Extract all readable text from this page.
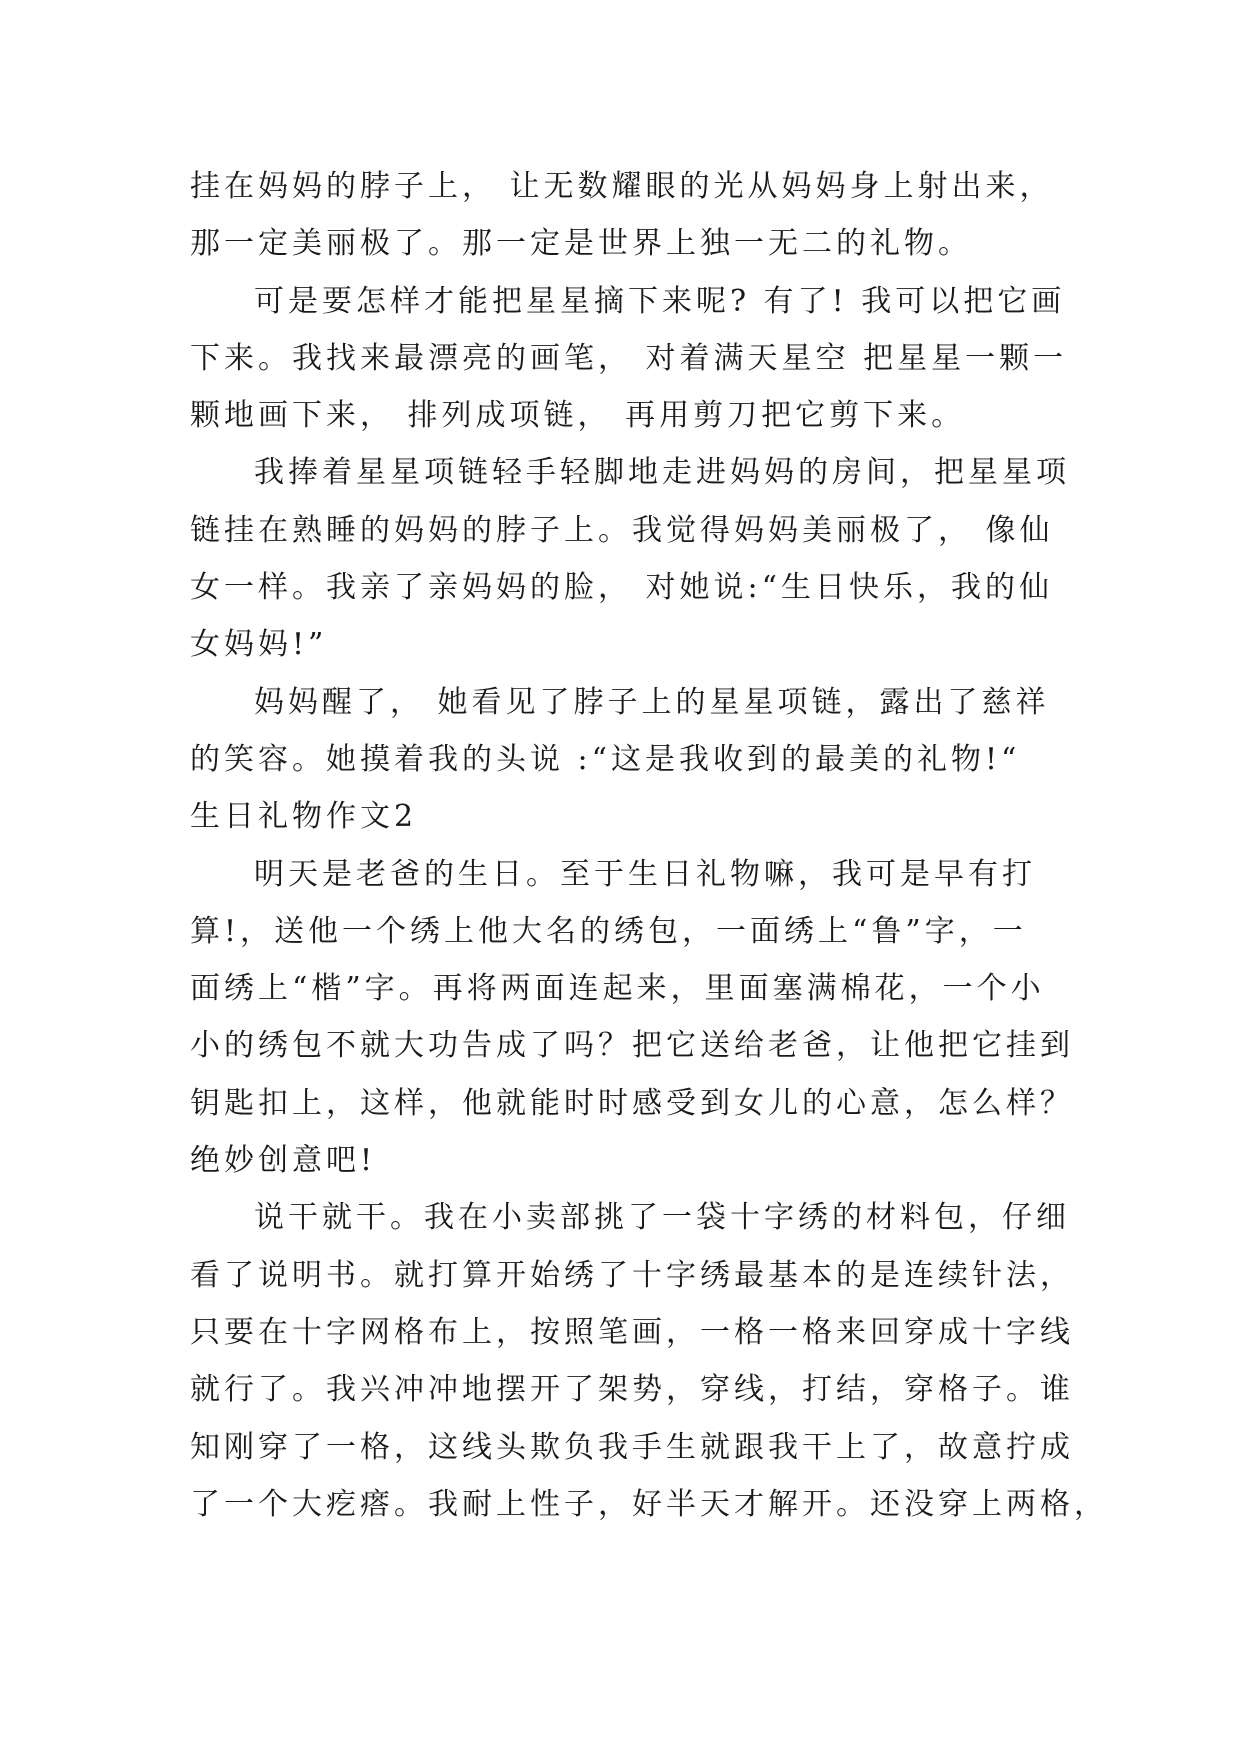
挂在妈妈的脖子上， 让无数耀眼的光从妈妈身上射出来，
那一定美丽极了。那一定是世界上独一无二的礼物。
可是要怎样才能把星星摘下来呢? 有了! 我可以把它画
下来。我找来最漂亮的画笔， 对着满天星空 把星星一颗一
颗地画下来， 排列成项链， 再用剪刀把它剪下来。
我捧着星星项链轻手轻脚地走进妈妈的房间，把星星项
链挂在熟睡的妈妈的脖子上。我觉得妈妈美丽极了， 像仙
女一样。我亲了亲妈妈的脸， 对她说:“生日快乐，我的仙
女妈妈!”
妈妈醒了， 她看见了脖子上的星星项链，露出了慈祥
的笑容。她摸着我的头说 :“这是我收到的最美的礼物!“
生日礼物作文2
明天是老爸的生日。至于生日礼物嘛，我可是早有打
算!，送他一个绣上他大名的绣包，一面绣上“鲁”字，一
面绣上“楷”字。再将两面连起来，里面塞满棉花，一个小
小的绣包不就大功告成了吗？把它送给老爸，让他把它挂到
钥匙扣上，这样，他就能时时感受到女儿的心意，怎么样？
绝妙创意吧!
说干就干。我在小卖部挑了一袋十字绣的材料包，仔细
看了说明书。就打算开始绣了十字绣最基本的是连续针法，
只要在十字网格布上，按照笔画，一格一格来回穿成十字线
就行了。我兴冲冲地摆开了架势，穿线，打结，穿格子。谁
知刚穿了一格，这线头欺负我手生就跟我干上了，故意拧成
了一个大疙瘩。我耐上性子，好半天才解开。还没穿上两格，
